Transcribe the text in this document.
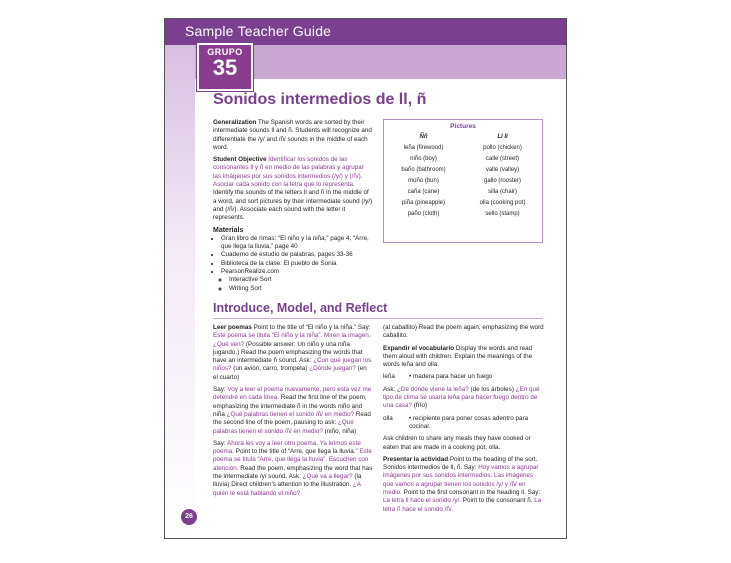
Sample Teacher Guide
GRUPO
35
Sonidos intermedios de ll, ñ

Generalization The Spanish words are sorted by their intermediate sounds ll and ñ. Students will recognize and differentiate the /y/ and /ñ/ sounds in the middle of each word.

Student Objective Identificar los sonidos de las consonantes ll y ñ en medio de las palabras y agrupar las imágenes por sus sonidos intermedios (/y/) y (/ñ/). Asociar cada sonido con la letra que lo representa. Identify the sounds of the letters ll and ñ in the middle of a word, and sort pictures by their intermediate sound (/y/) and (/ñ/). Associate each sound with the letter it represents.

Materials
• Gran libro de rimas: “El niño y la niña,” page 4; “Arre, que llega la lluvia,” page 40
• Cuaderno de estudio de palabras, pages 33-36
• Biblioteca de la clase: El pueblo de Sonia
• PearsonRealize.com
◦ Interactive Sort
◦ Writing Sort
Pictures
Ññ	Ll ll
leña (firewood)	pollo (chicken)
niño (boy)	calle (street)
baño (bathroom)	valle (valley)
moño (bun)	gallo (rooster)
caña (cane)	silla (chair)
piña (pineapple)	olla (cooking pot)
paño (cloth)	sello (stamp)
Introduce, Model, and Reflect

Leer poemas Point to the title of “El niño y la niña.” Say: Este poema se titula “El niño y la niña”. Miren la imagen. ¿Qué ven? (Possible answer: Un niño y una niña jugando.) Read the poem emphasizing the words that have an intermediate ñ sound. Ask: ¿Con qué juegan los niños? (un avión, carro, trompeta) ¿Dónde juegan? (en el cuarto)

Say: Voy a leer el poema nuevamente, pero esta vez me detendré en cada línea. Read the first line of the poem, emphasizing the intermediate ñ in the words niño and niña ¿Qué palabras tienen el sonido /ñ/ en medio? Read the second line of the poem, pausing to ask: ¿Qué palabras tienen el sonido /ñ/ en medio? (niño, niña)

Say: Ahora les voy a leer otro poema. Ya leímos este poema. Point to the title of “Arre, que llega la lluvia.” Este poema se titula “Arre, que llega la lluvia”. Escuchen con atención. Read the poem, emphasizing the word that has the intermediate /y/ sound. Ask: ¿Qué va a llegar? (la lluvia) Direct children’s attention to the illustration. ¿A quién le está hablando el niño?

(al caballito) Read the poem again, emphasizing the word caballito.

Expandir el vocabulario Display the words and read them aloud with children. Explain the meanings of the words leña and olla.

leña	• madera para hacer un fuego

Ask: ¿De dónde viene la leña? (de los árboles) ¿En qué tipo de clima se usaría leña para hacer fuego dentro de una casa? (frío)

olla	• recipiente para poner cosas adentro para cocinar.

Ask children to share any meals they have cooked or eaten that are made in a cooking pot, olla.

Presentar la actividad Point to the heading of the sort. Sonidos intermedios de ll, ñ. Say: Hoy vamos a agrupar imágenes por sus sonidos intermedios. Las imágenes que vamos a agrupar tienen los sonidos /y/ y /ñ/ en medio. Point to the first consonant in the heading ll. Say: La letra ll hace el sonido /y/. Point to the consonant ñ. La letra ñ hace el sonido /ñ/.

26
